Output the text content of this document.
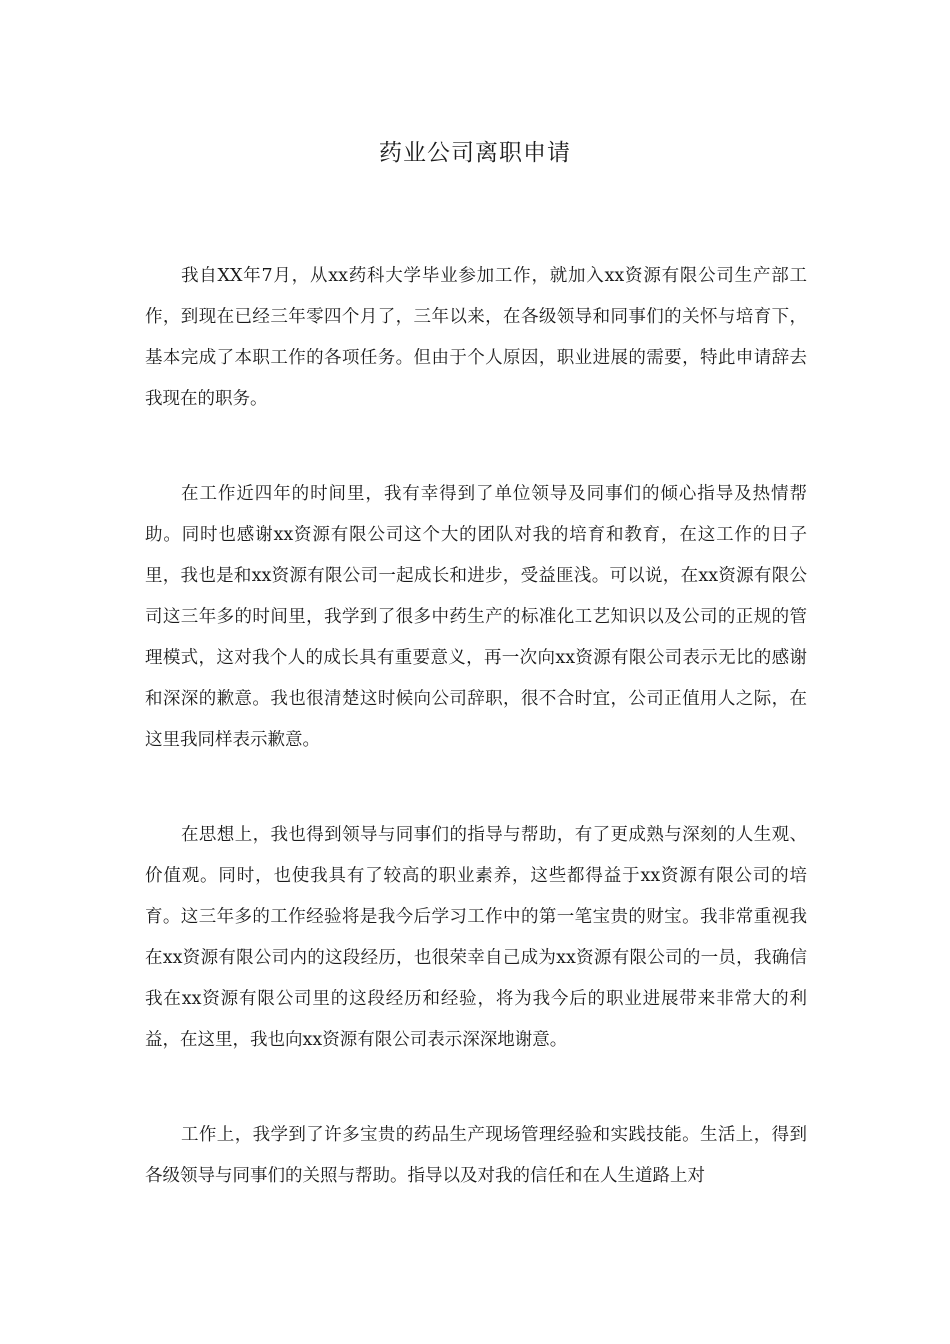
药业公司离职申请

我自XX年7月，从xx药科大学毕业参加工作，就加入xx资源有限公司生产部工作，到现在已经三年零四个月了，三年以来，在各级领导和同事们的关怀与培育下，基本完成了本职工作的各项任务。但由于个人原因，职业进展的需要，特此申请辞去我现在的职务。

在工作近四年的时间里，我有幸得到了单位领导及同事们的倾心指导及热情帮助。同时也感谢xx资源有限公司这个大的团队对我的培育和教育，在这工作的日子里，我也是和xx资源有限公司一起成长和进步，受益匪浅。可以说，在xx资源有限公司这三年多的时间里，我学到了很多中药生产的标准化工艺知识以及公司的正规的管理模式，这对我个人的成长具有重要意义，再一次向xx资源有限公司表示无比的感谢和深深的歉意。我也很清楚这时候向公司辞职，很不合时宜，公司正值用人之际，在这里我同样表示歉意。

在思想上，我也得到领导与同事们的指导与帮助，有了更成熟与深刻的人生观、价值观。同时，也使我具有了较高的职业素养，这些都得益于xx资源有限公司的培育。这三年多的工作经验将是我今后学习工作中的第一笔宝贵的财宝。我非常重视我在xx资源有限公司内的这段经历，也很荣幸自己成为xx资源有限公司的一员，我确信我在xx资源有限公司里的这段经历和经验，将为我今后的职业进展带来非常大的利益，在这里，我也向xx资源有限公司表示深深地谢意。

工作上，我学到了许多宝贵的药品生产现场管理经验和实践技能。生活上，得到各级领导与同事们的关照与帮助。指导以及对我的信任和在人生道路上对
